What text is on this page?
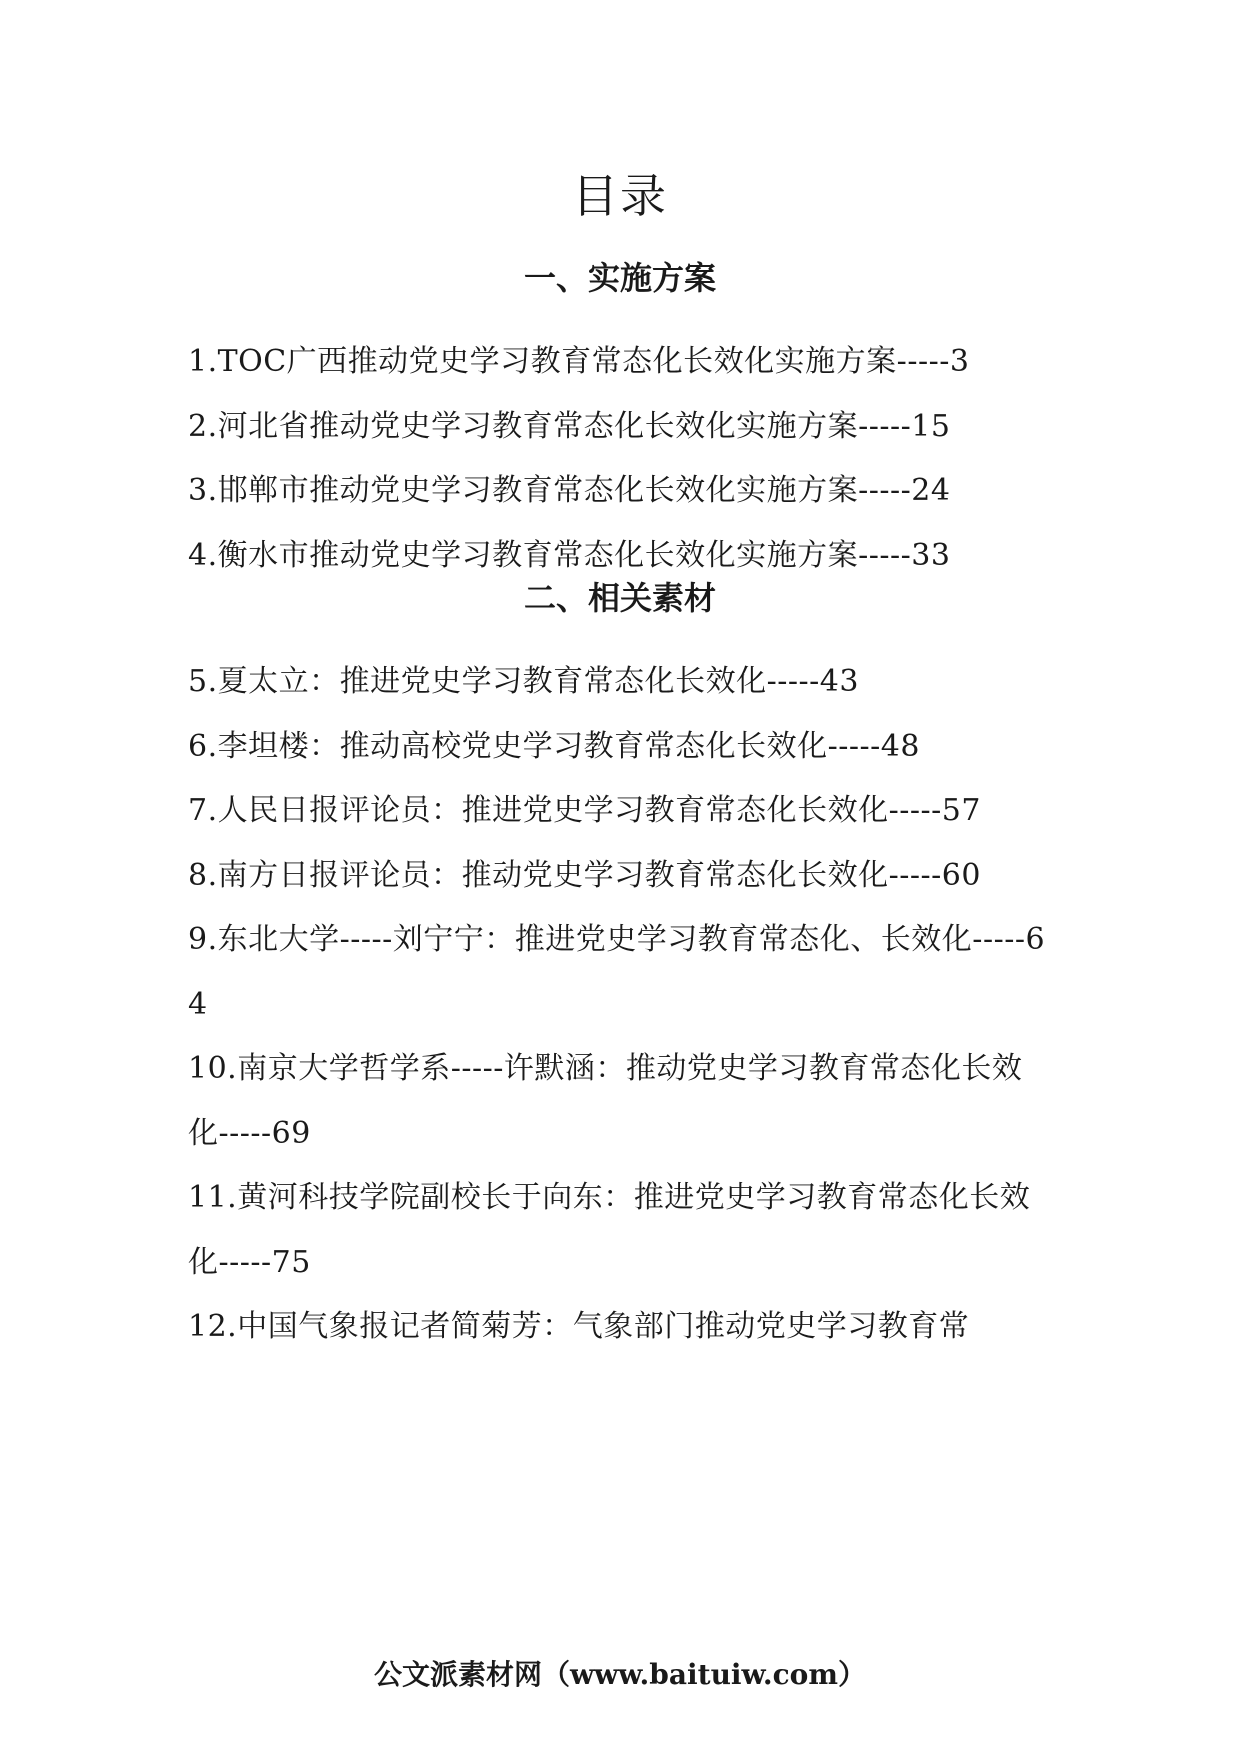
目录
一、实施方案
1.TOC广西推动党史学习教育常态化长效化实施方案-----3
2.河北省推动党史学习教育常态化长效化实施方案-----15
3.邯郸市推动党史学习教育常态化长效化实施方案-----24
4.衡水市推动党史学习教育常态化长效化实施方案-----33
二、相关素材
5.夏太立：推进党史学习教育常态化长效化-----43
6.李坦楼：推动高校党史学习教育常态化长效化-----48
7.人民日报评论员：推进党史学习教育常态化长效化-----57
8.南方日报评论员：推动党史学习教育常态化长效化-----60
9.东北大学-----刘宁宁：推进党史学习教育常态化、长效化-----64
10.南京大学哲学系-----许默涵：推动党史学习教育常态化长效化-----69
11.黄河科技学院副校长于向东：推进党史学习教育常态化长效化-----75
12.中国气象报记者简菊芳：气象部门推动党史学习教育常
公文派素材网（www.baituiw.com）
